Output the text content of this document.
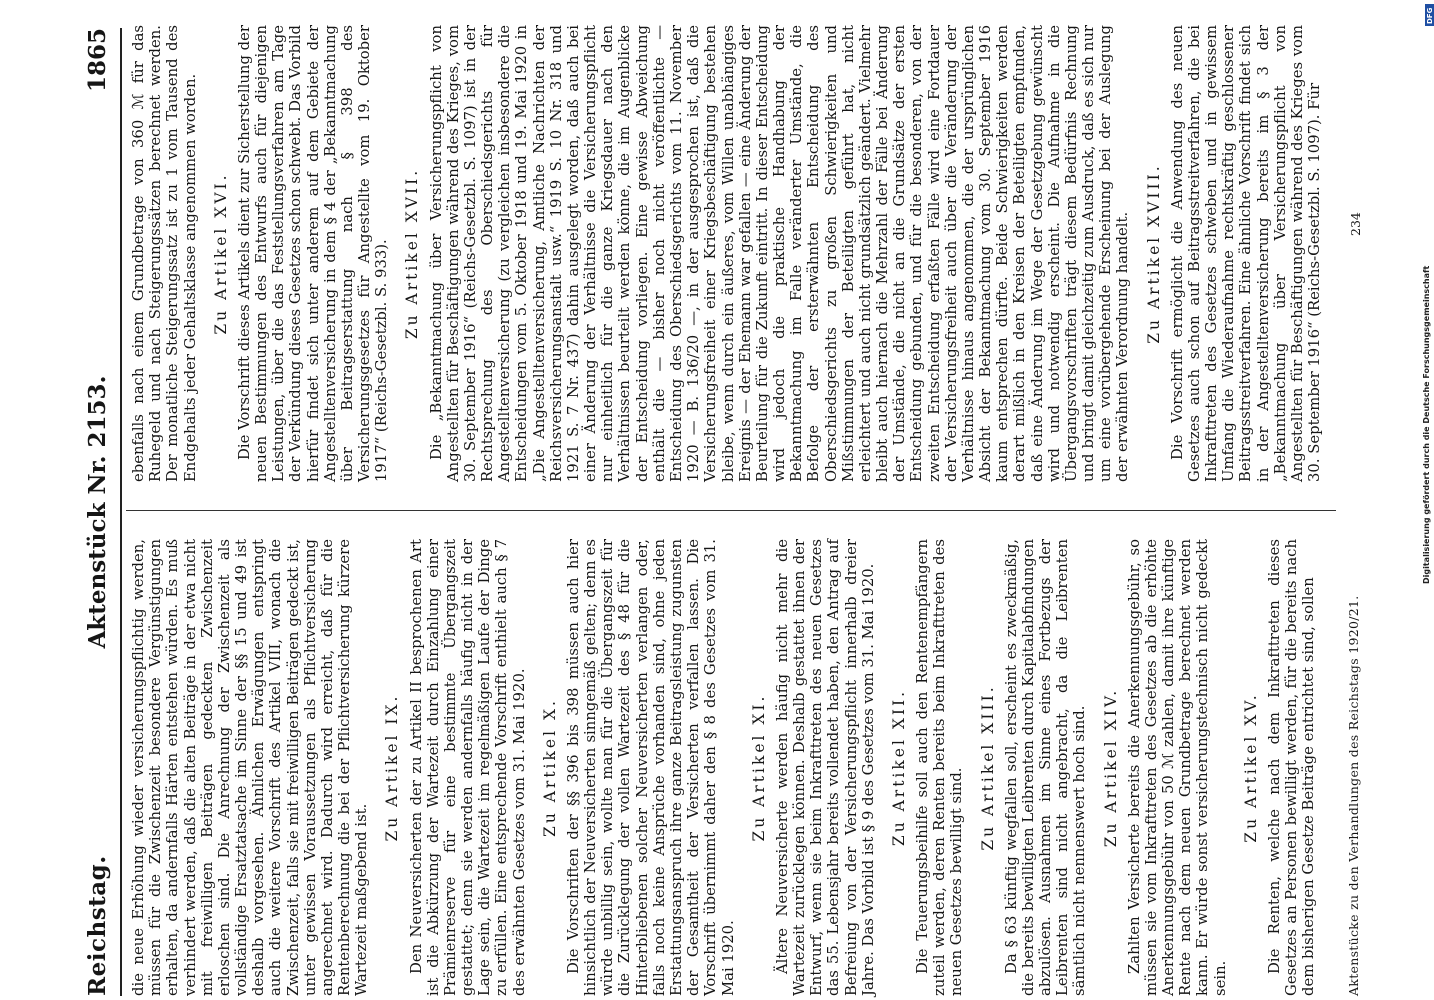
Reichstag.
Aktenstück Nr. 2153.
1865

die neue Erhöhung wieder versicherungspflichtig werden, müssen für die Zwischenzeit besondere Vergünstigungen erhalten, da andernfalls Härten entstehen würden. Es muß verhindert werden, daß die alten Beiträge in der etwa nicht mit freiwilligen Beiträgen gedeckten Zwischenzeit erloschen sind. Die Anrechnung der Zwischenzeit als vollständige Ersatztatsache im Sinne der §§ 15 und 49 ist deshalb vorgesehen. Ähnlichen Erwägungen entspringt auch die weitere Vorschrift des Artikel VIII, wonach die Zwischenzeit, falls sie mit freiwilligen Beiträgen gedeckt ist, unter gewissen Voraussetzungen als Pflichtversicherung angerechnet wird. Dadurch wird erreicht, daß für die Rentenberechnung die bei der Pflichtversicherung kürzere Wartezeit maßgebend ist.

Zu Artikel IX. Den Neuversicherten der zu Artikel II besprochenen Art ist die Abkürzung der Wartezeit durch Einzahlung einer Prämienreserve für eine bestimmte Übergangszeit gestattet; denn sie werden andernfalls häufig nicht in der Lage sein, die Wartezeit im regelmäßigen Laufe der Dinge zu erfüllen. Eine entsprechende Vorschrift enthielt auch § 7 des erwähnten Gesetzes vom 31. Mai 1920. Zu Artikel X. Die Vorschriften der §§ 396 bis 398 müssen auch hier hinsichtlich der Neuversicherten sinngemäß gelten; denn es würde unbillig sein, wollte man für die Übergangszeit für die Zurücklegung der vollen Wartezeit des § 48 für die Hinterbliebenen solcher Neuversicherten verlangen oder, falls noch keine Ansprüche vorhanden sind, ohne jeden Erstattungsanspruch ihre ganze Beitragsleistung zugunsten der Gesamtheit der Versicherten verfallen lassen. Die Vorschrift übernimmt daher den § 8 des Gesetzes vom 31. Mai 1920.

Zu Artikel XI. Ältere Neuversicherte werden häufig nicht mehr die Wartezeit zurücklegen können. Deshalb gestattet ihnen der Entwurf, wenn sie beim Inkrafttreten des neuen Gesetzes das 55. Lebensjahr bereits vollendet haben, den Antrag auf Befreiung von der Versicherungspflicht innerhalb dreier Jahre. Das Vorbild ist § 9 des Gesetzes vom 31. Mai 1920. Zu Artikel XII. Die Teuerungsbeihilfe soll auch den Rentenempfängern zuteil werden, deren Renten bereits beim Inkrafttreten des neuen Gesetzes bewilligt sind. Zu Artikel XIII. Da § 63 künftig wegfallen soll, erscheint es zweckmäßig, die bereits bewilligten Leibrenten durch Kapitalabfindungen abzulösen. Ausnahmen im Sinne eines Fortbezugs der Leibrenten sind nicht angebracht, da die Leibrenten sämtlich nicht nennenswert hoch sind. Zu Artikel XIV. Zahlten Versicherte bereits die Anerkennungsgebühr, so müssen sie vom Inkrafttreten des Gesetzes ab die erhöhte Anerkennungsgebühr von 50 ℳ zahlen, damit ihre künftige Rente nach dem neuen Grundbetrage berechnet werden kann. Er würde sonst versicherungstechnisch nicht gedeckt sein.

Zu Artikel XV. Die Renten, welche nach dem Inkrafttreten dieses Gesetzes an Personen bewilligt werden, für die bereits nach dem bisherigen Gesetze Beiträge entrichtet sind, sollen

ebenfalls nach einem Grundbetrage von 360 ℳ für das Ruhegeld und nach Steigerungssätzen berechnet werden. Der monatliche Steigerungssatz ist zu 1 vom Tausend des Endgehalts jeder Gehaltsklasse angenommen worden. Zu Artikel XVI. Die Vorschrift dieses Artikels dient zur Sicherstellung der neuen Bestimmungen des Entwurfs auch für diejenigen Leistungen, über die das Feststellungsverfahren am Tage der Verkündung dieses Gesetzes schon schwebt. Das Vorbild hierfür findet sich unter anderem auf dem Gebiete der Angestelltenversicherung in dem § 4 der „Bekanntmachung über Beitragserstattung nach § 398 des Versicherungsgesetzes für Angestellte vom 19. Oktober 1917“ (Reichs-Gesetzbl. S. 933). Zu Artikel XVII. Die „Bekanntmachung über Versicherungspflicht von Angestellten für Beschäftigungen während des Krieges, vom 30. September 1916“ (Reichs-Gesetzbl. S. 1097) ist in der Rechtsprechung des Oberschiedsgerichts für Angestelltenversicherung (zu vergleichen insbesondere die Entscheidungen vom 5. Oktober 1918 und 19. Mai 1920 in „Die Angestelltenversicherung, Amtliche Nachrichten der Reichsversicherungsanstalt usw.“ 1919 S. 10 Nr. 318 und 1921 S. 7 Nr. 437) dahin ausgelegt worden, daß auch bei einer Änderung der Verhältnisse die Versicherungspflicht nur einheitlich für die ganze Kriegsdauer nach den Verhältnissen beurteilt werden könne, die im Augenblicke der Entscheidung vorliegen. Eine gewisse Abweichung enthält die — bisher noch nicht veröffentlichte — Entscheidung des Oberschiedsgerichts vom 11. November 1920 — B. 136/20 —, in der ausgesprochen ist, daß die Versicherungsfreiheit einer Kriegsbeschäftigung bestehen bleibe, wenn durch ein äußeres, vom Willen unabhängiges Ereignis — der Ehemann war gefallen — eine Änderung der Beurteilung für die Zukunft eintritt. In dieser Entscheidung wird jedoch die praktische Handhabung der Bekanntmachung im Falle veränderter Umstände, die Befolge der ersterwähnten Entscheidung des Oberschiedsgerichts zu großen Schwierigkeiten und Mißstimmungen der Beteiligten geführt hat, nicht erleichtert und auch nicht grundsätzlich geändert. Vielmehr bleibt auch hiernach die Mehrzahl der Fälle bei Änderung der Umstände, die nicht an die Grundsätze der ersten Entscheidung gebunden, und für die besonderen, von der zweiten Entscheidung erfaßten Fälle wird eine Fortdauer der Versicherungsfreiheit auch über die Veränderung der Verhältnisse hinaus angenommen, die der ursprünglichen Absicht der Bekanntmachung vom 30. September 1916 kaum entsprechen dürfte. Beide Schwierigkeiten werden derart mißlich in den Kreisen der Beteiligten empfunden, daß eine Änderung im Wege der Gesetzgebung gewünscht wird und notwendig erscheint. Die Aufnahme in die Übergangsvorschriften trägt diesem Bedürfnis Rechnung und bringt damit gleichzeitig zum Ausdruck, daß es sich nur um eine vorübergehende Erscheinung bei der Auslegung der erwähnten Verordnung handelt. Zu Artikel XVIII. Die Vorschrift ermöglicht die Anwendung des neuen Gesetzes auch schon auf Beitragsstreitverfahren, die bei Inkrafttreten des Gesetzes schweben und in gewissem Umfang die Wiederaufnahme rechtskräftig geschlossener Beitragsstreitverfahren. Eine ähnliche Vorschrift findet sich in der Angestelltenversicherung bereits im § 3 der „Bekanntmachung über Versicherungspflicht von Angestellten für Beschäftigungen während des Krieges vom 30. September 1916“ (Reichs-Gesetzbl. S. 1097). Für

Aktenstücke zu den Verhandlungen des Reichstags 1920/21.
234
DFG
Digitalisierung gefördert durch die Deutsche Forschungsgemeinschaft
